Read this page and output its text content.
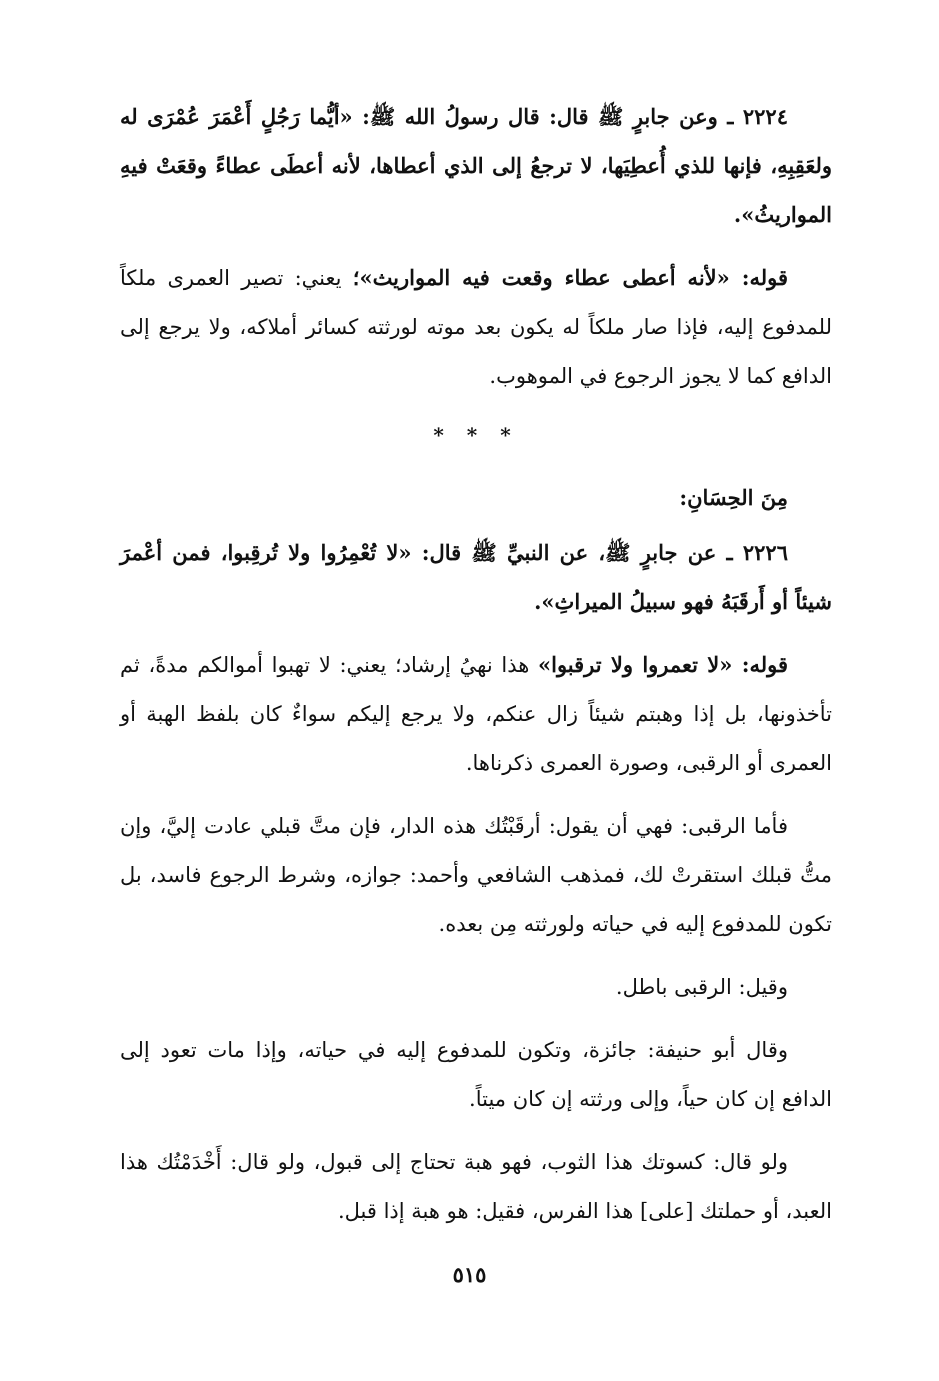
٢٢٢٤ ـ وعن جابرٍ ﷺ قال: قال رسولُ الله ﷺ: «أيُّما رَجُلٍ أَعْمَرَ عُمْرَى له ولعَقِبِهِ، فإنها للذي أُعطِيَها، لا ترجعُ إلى الذي أعطاها، لأنه أعطَى عطاءً وقعَتْ فيهِ المواريثُ».

قوله: «لأنه أعطى عطاء وقعت فيه المواريث»؛ يعني: تصير العمرى ملكاً للمدفوع إليه، فإذا صار ملكاً له يكون بعد موته لورثته كسائر أملاكه، ولا يرجع إلى الدافع كما لا يجوز الرجوع في الموهوب.

* * *

مِنَ الحِسَانِ:

٢٢٢٦ ـ عن جابرٍ ﷺ، عن النبيِّ ﷺ قال: «لا تُعْمِرُوا ولا تُرقِبوا، فمن أعْمرَ شيئاً أو أَرقَبَهُ فهو سبيلُ الميراثِ».

قوله: «لا تعمروا ولا ترقبوا» هذا نهيُ إرشاد؛ يعني: لا تهبوا أموالكم مدةً، ثم تأخذونها، بل إذا وهبتم شيئاً زال عنكم، ولا يرجع إليكم سواءٌ كان بلفظ الهبة أو العمرى أو الرقبى، وصورة العمرى ذكرناها.

فأما الرقبى: فهي أن يقول: أرقَبْتُك هذه الدار، فإن متَّ قبلي عادت إليَّ، وإن متُّ قبلك استقرتْ لك، فمذهب الشافعي وأحمد: جوازه، وشرط الرجوع فاسد، بل تكون للمدفوع إليه في حياته ولورثته مِن بعده.

وقيل: الرقبى باطل.

وقال أبو حنيفة: جائزة، وتكون للمدفوع إليه في حياته، وإذا مات تعود إلى الدافع إن كان حياً، وإلى ورثته إن كان ميتاً.

ولو قال: كسوتك هذا الثوب، فهو هبة تحتاج إلى قبول، ولو قال: أَخْدَمْتُك هذا العبد، أو حملتك [على] هذا الفرس، فقيل: هو هبة إذا قبل.

٥١٥
